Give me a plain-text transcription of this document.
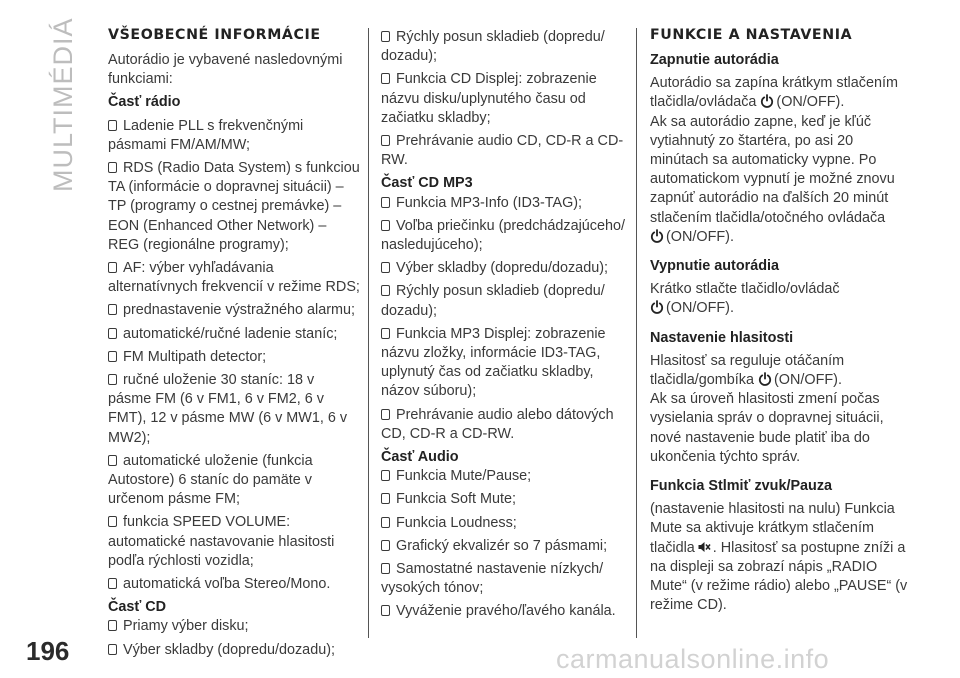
MULTIMÉDIÁ	VŠEOBECNÉ INFORMÁCIE

Autorádio je vybavené nasledovnými funkciami:

Časť rádio
Ladenie PLL s frekvenčnými pásmami FM/AM/MW;
RDS (Radio Data System) s funkciou TA (informácie o dopravnej situácii) – TP (programy o cestnej premávke) – EON (Enhanced Other Network) – REG (regionálne programy);
AF: výber vyhľadávania alternatívnych frekvencií v režime RDS;
prednastavenie výstražného alarmu;
automatické/ručné ladenie staníc;
FM Multipath detector;
ručné uloženie 30 staníc: 18 v pásme FM (6 v FM1, 6 v FM2, 6 v FMT), 12 v pásme MW (6 v MW1, 6 v MW2);
automatické uloženie (funkcia Autostore) 6 staníc do pamäte v určenom pásme FM;
funkcia SPEED VOLUME: automatické nastavovanie hlasitosti podľa rýchlosti vozidla;
automatická voľba Stereo/Mono.
Časť CD
Priamy výber disku;
Výber skladby (dopredu/dozadu);
Rýchly posun skladieb (dopredu/ dozadu);
Funkcia CD Displej: zobrazenie názvu disku/uplynutého času od začiatku skladby;
Prehrávanie audio CD, CD-R a CD-RW.
Časť CD MP3
Funkcia MP3-Info (ID3-TAG);
Voľba priečinku (predchádzajúceho/ nasledujúceho);
Výber skladby (dopredu/dozadu);
Rýchly posun skladieb (dopredu/ dozadu);
Funkcia MP3 Displej: zobrazenie názvu zložky, informácie ID3-TAG, uplynutý čas od začiatku skladby, názov súboru);
Prehrávanie audio alebo dátových CD, CD-R a CD-RW.
Časť Audio
Funkcia Mute/Pause;
Funkcia Soft Mute;
Funkcia Loudness;
Grafický ekvalizér so 7 pásmami;
Samostatné nastavenie nízkych/ vysokých tónov;
Vyváženie pravého/ľavého kanála.
FUNKCIE A NASTAVENIA
Zapnutie autorádia

Autorádio sa zapína krátkym stlačením tlačidla/ovládača (ON/OFF).
Ak sa autorádio zapne, keď je kľúč vytiahnutý zo štartéra, po asi 20 minútach sa automaticky vypne. Po automatickom vypnutí je možné znovu zapnúť autorádio na ďalších 20 minút stlačením tlačidla/otočného ovládača

(ON/OFF).

Vypnutie autorádia

Krátko stlačte tlačidlo/ovládač

(ON/OFF).

Nastavenie hlasitosti

Hlasitosť sa reguluje otáčaním tlačidla/gombíka (ON/OFF).
Ak sa úroveň hlasitosti zmení počas vysielania správ o dopravnej situácii, nové nastavenie bude platiť iba do ukončenia týchto správ.

Funkcia Stlmiť zvuk/Pauza

(nastavenie hlasitosti na nulu) Funkcia Mute sa aktivuje krátkym stlačením tlačidla . Hlasitosť sa postupne zníži a na displeji sa zobrazí nápis „RADIO Mute“ (v režime rádio) alebo „PAUSE“ (v režime CD).

196	carmanualsonline.info
